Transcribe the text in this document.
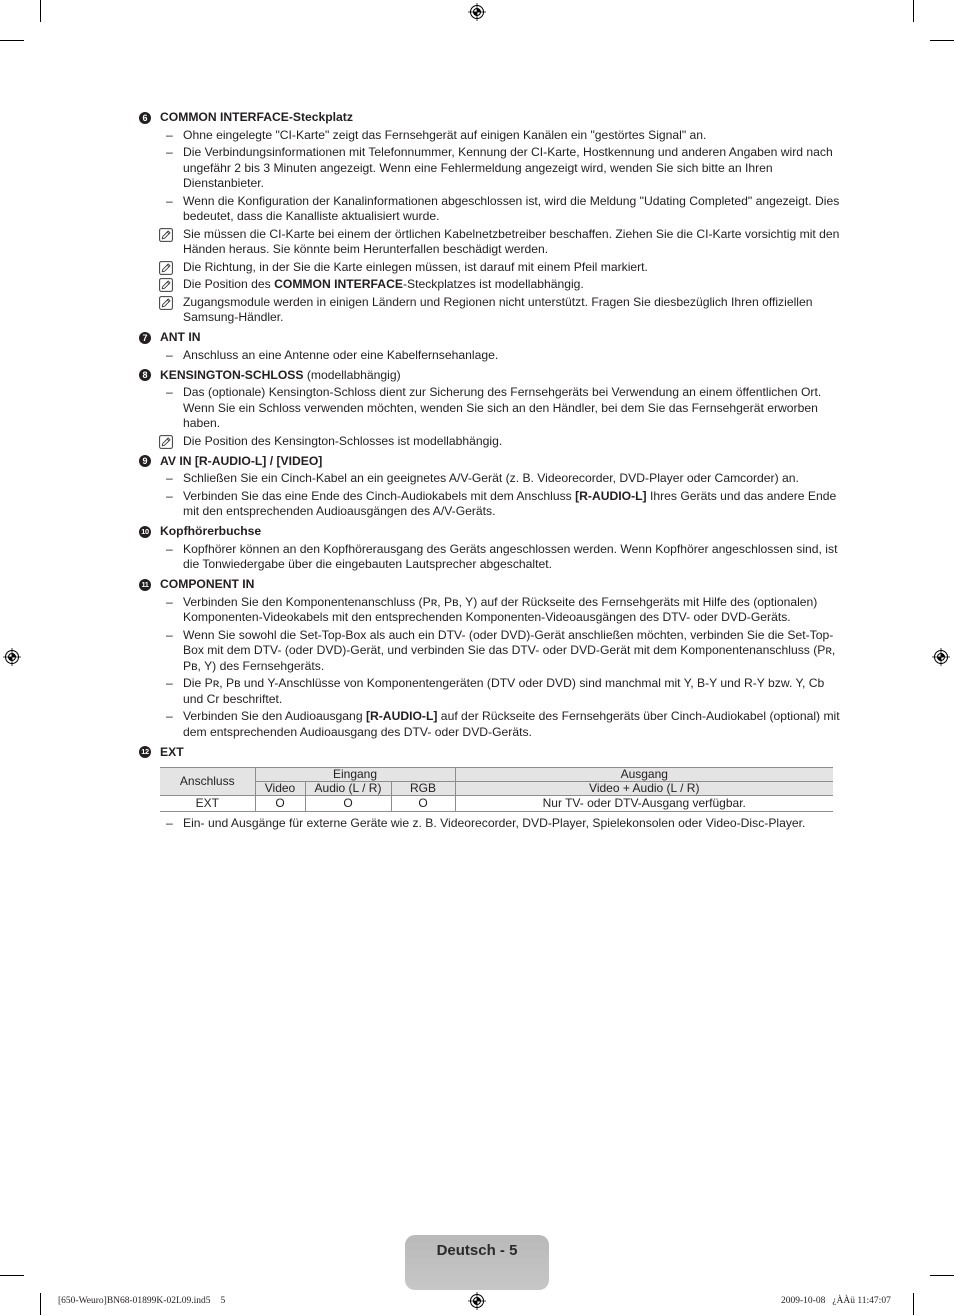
6 COMMON INTERFACE-Steckplatz
– Ohne eingelegte "CI-Karte" zeigt das Fernsehgerät auf einigen Kanälen ein "gestörtes Signal" an.
– Die Verbindungsinformationen mit Telefonnummer, Kennung der CI-Karte, Hostkennung und anderen Angaben wird nach ungefähr 2 bis 3 Minuten angezeigt. Wenn eine Fehlermeldung angezeigt wird, wenden Sie sich bitte an Ihren Dienstanbieter.
– Wenn die Konfiguration der Kanalinformationen abgeschlossen ist, wird die Meldung "Udating Completed" angezeigt. Dies bedeutet, dass die Kanalliste aktualisiert wurde.
Sie müssen die CI-Karte bei einem der örtlichen Kabelnetzbetreiber beschaffen. Ziehen Sie die CI-Karte vorsichtig mit den Händen heraus. Sie könnte beim Herunterfallen beschädigt werden.
Die Richtung, in der Sie die Karte einlegen müssen, ist darauf mit einem Pfeil markiert.
Die Position des COMMON INTERFACE-Steckplatzes ist modellabhängig.
Zugangsmodule werden in einigen Ländern und Regionen nicht unterstützt. Fragen Sie diesbezüglich Ihren offiziellen Samsung-Händler.
7 ANT IN
– Anschluss an eine Antenne oder eine Kabelfernsehanlage.
8 KENSINGTON-SCHLOSS (modellabhängig)
– Das (optionale) Kensington-Schloss dient zur Sicherung des Fernsehgeräts bei Verwendung an einem öffentlichen Ort. Wenn Sie ein Schloss verwenden möchten, wenden Sie sich an den Händler, bei dem Sie das Fernsehgerät erworben haben.
Die Position des Kensington-Schlosses ist modellabhängig.
9 AV IN [R-AUDIO-L] / [VIDEO]
– Schließen Sie ein Cinch-Kabel an ein geeignetes A/V-Gerät (z. B. Videorecorder, DVD-Player oder Camcorder) an.
– Verbinden Sie das eine Ende des Cinch-Audiokabels mit dem Anschluss [R-AUDIO-L] Ihres Geräts und das andere Ende mit den entsprechenden Audioausgängen des A/V-Geräts.
10 Kopfhörerbuchse
– Kopfhörer können an den Kopfhörerausgang des Geräts angeschlossen werden. Wenn Kopfhörer angeschlossen sind, ist die Tonwiedergabe über die eingebauten Lautsprecher abgeschaltet.
11 COMPONENT IN
– Verbinden Sie den Komponentenanschluss (Pʀ, Pʙ, Y) auf der Rückseite des Fernsehgeräts mit Hilfe des (optionalen) Komponenten-Videokabels mit den entsprechenden Komponenten-Videoausgängen des DTV- oder DVD-Geräts.
– Wenn Sie sowohl die Set-Top-Box als auch ein DTV- (oder DVD)-Gerät anschließen möchten, verbinden Sie die Set-Top-Box mit dem DTV- (oder DVD)-Gerät, und verbinden Sie das DTV- oder DVD-Gerät mit dem Komponentenanschluss (Pʀ, Pʙ, Y) des Fernsehgeräts.
– Die Pʀ, Pʙ und Y-Anschlüsse von Komponentengeräten (DTV oder DVD) sind manchmal mit Y, B-Y und R-Y bzw. Y, Cb und Cr beschriftet.
– Verbinden Sie den Audioausgang [R-AUDIO-L] auf der Rückseite des Fernsehgeräts über Cinch-Audiokabel (optional) mit dem entsprechenden Audioausgang des DTV- oder DVD-Geräts.
12 EXT
Anschluss	Eingang			Ausgang
	Video	Audio (L / R)	RGB	Video + Audio (L / R)
EXT	O	O	O	Nur TV- oder DTV-Ausgang verfügbar.
– Ein- und Ausgänge für externe Geräte wie z. B. Videorecorder, DVD-Player, Spielekonsolen oder Video-Disc-Player.
Deutsch - 5
[650-Weuro]BN68-01899K-02L09.ind5 5	2009-10-08 ¿ÀÀü 11:47:07
